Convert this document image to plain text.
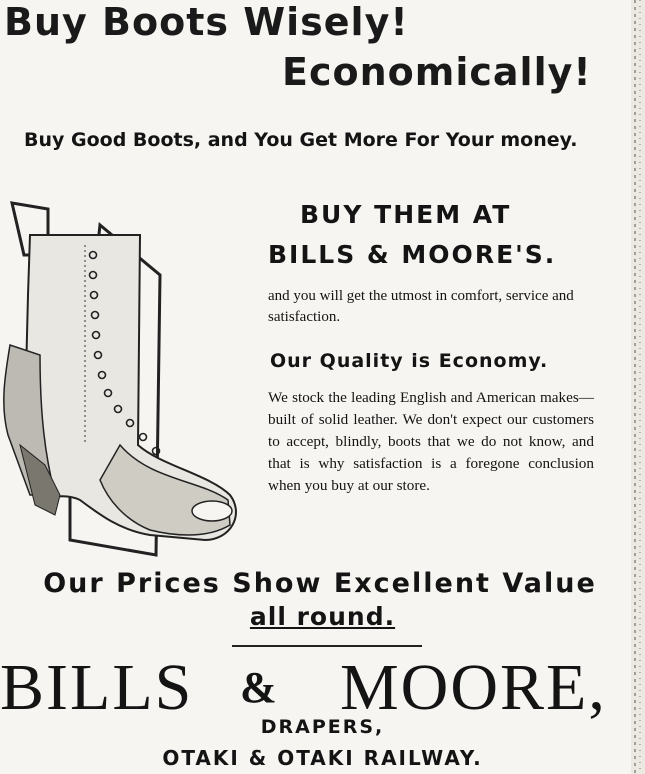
Buy Boots Wisely!
Economically!
Buy Good Boots, and You Get More For Your money.
BUY THEM AT
BILLS & MOORE'S.
and you will get the utmost in comfort, service and satisfaction.
Our Quality is Economy.
We stock the leading English and American makes—built of solid leather. We don't expect our customers to accept, blindly, boots that we do not know, and that is why satisfaction is a foregone conclusion when you buy at our store.
Our Prices Show Excellent Value
all round.
BILLS & MOORE,
DRAPERS,
OTAKI & OTAKI RAILWAY.
